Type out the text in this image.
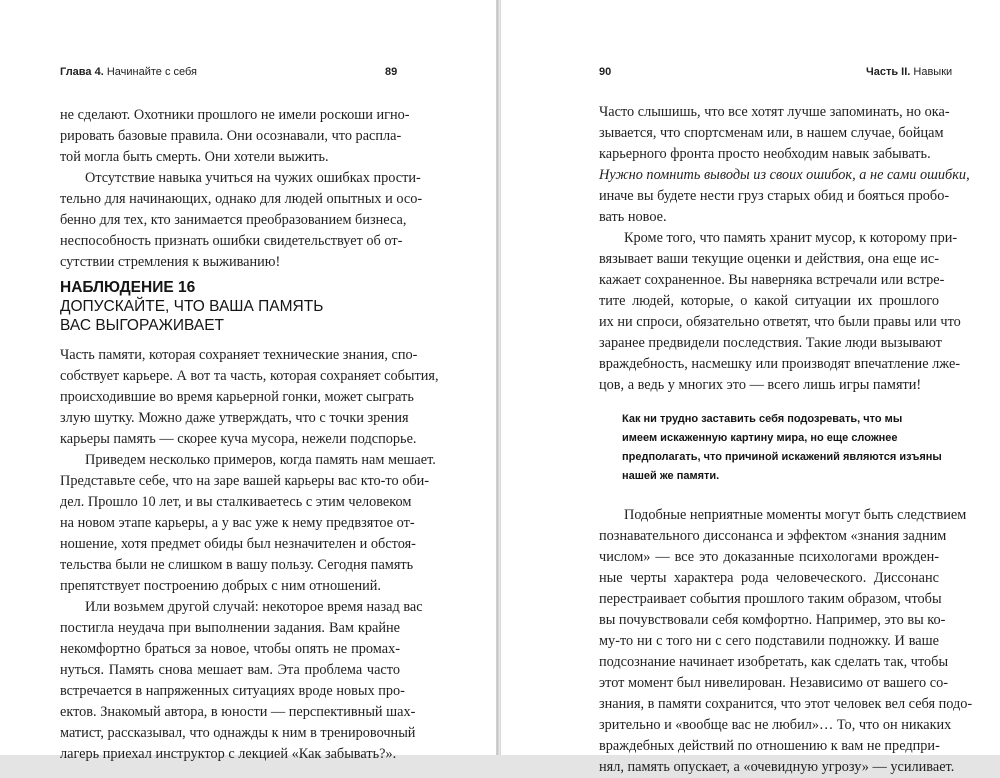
Глава 4. Начинайте с себя	89
не сделают. Охотники прошлого не имели роскоши игно-
рировать базовые правила. Они осознавали, что распла-
той могла быть смерть. Они хотели выжить.
Отсутствие навыка учиться на чужих ошибках прости-
тельно для начинающих, однако для людей опытных и осо-
бенно для тех, кто занимается преобразованием бизнеса,
неспособность признать ошибки свидетельствует об от-
сутствии стремления к выживанию!
НАБЛЮДЕНИЕ 16
ДОПУСКАЙТЕ, ЧТО ВАША ПАМЯТЬ
ВАС ВЫГОРАЖИВАЕТ
Часть памяти, которая сохраняет технические знания, спо-
собствует карьере. А вот та часть, которая сохраняет события,
происходившие во время карьерной гонки, может сыграть
злую шутку. Можно даже утверждать, что с точки зрения
карьеры память — скорее куча мусора, нежели подспорье.
Приведем несколько примеров, когда память нам мешает.
Представьте себе, что на заре вашей карьеры вас кто-то оби-
дел. Прошло 10 лет, и вы сталкиваетесь с этим человеком
на новом этапе карьеры, а у вас уже к нему предвзятое от-
ношение, хотя предмет обиды был незначителен и обстоя-
тельства были не слишком в вашу пользу. Сегодня память
препятствует построению добрых с ним отношений.
Или возьмем другой случай: некоторое время назад вас
постигла неудача при выполнении задания. Вам крайне
некомфортно браться за новое, чтобы опять не промах-
нуться. Память снова мешает вам. Эта проблема часто
встречается в напряженных ситуациях вроде новых про-
ектов. Знакомый автора, в юности — перспективный шах-
матист, рассказывал, что однажды к ним в тренировочный
лагерь приехал инструктор с лекцией «Как забывать?».
90	Часть II. Навыки
Часто слышишь, что все хотят лучше запоминать, но ока-
зывается, что спортсменам или, в нашем случае, бойцам
карьерного фронта просто необходим навык забывать.
Нужно помнить выводы из своих ошибок, а не сами ошибки,
иначе вы будете нести груз старых обид и бояться пробо-
вать новое.
Кроме того, что память хранит мусор, к которому при-
вязывает ваши текущие оценки и действия, она еще ис-
кажает сохраненное. Вы наверняка встречали или встре-
тите людей, которые, о какой ситуации их прошлого
их ни спроси, обязательно ответят, что были правы или что
заранее предвидели последствия. Такие люди вызывают
враждебность, насмешку или производят впечатление лже-
цов, а ведь у многих это — всего лишь игры памяти!
Как ни трудно заставить себя подозревать, что мы
имеем искаженную картину мира, но еще сложнее
предполагать, что причиной искажений являются изъяны
нашей же памяти.
Подобные неприятные моменты могут быть следствием
познавательного диссонанса и эффектом «знания задним
числом» — все это доказанные психологами врожден-
ные черты характера рода человеческого. Диссонанс
перестраивает события прошлого таким образом, чтобы
вы почувствовали себя комфортно. Например, это вы ко-
му-то ни с того ни с сего подставили подножку. И ваше
подсознание начинает изобретать, как сделать так, чтобы
этот момент был нивелирован. Независимо от вашего со-
знания, в памяти сохранится, что этот человек вел себя подо-
зрительно и «вообще вас не любил»… То, что он никаких
враждебных действий по отношению к вам не предпри-
нял, память опускает, а «очевидную угрозу» — усиливает.
